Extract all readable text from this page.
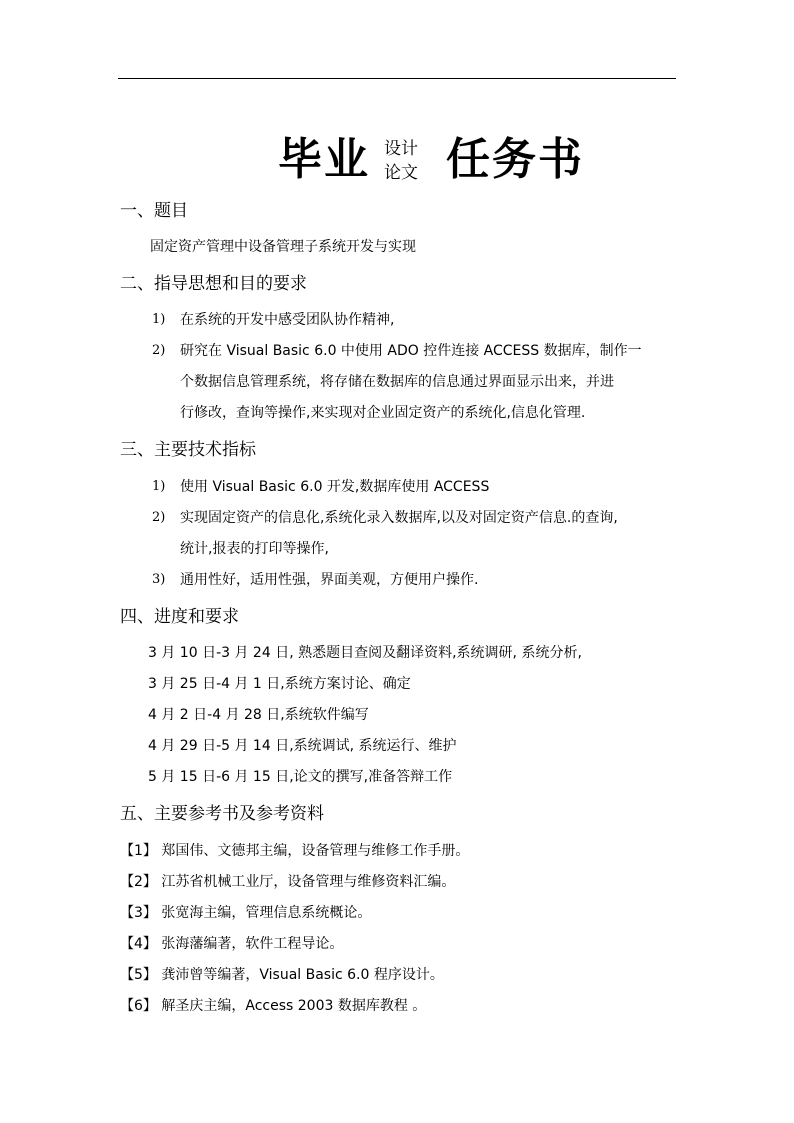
毕业 设计
论文 任务书
一、题目
固定资产管理中设备管理子系统开发与实现
二、指导思想和目的要求
1) 在系统的开发中感受团队协作精神,
2) 研究在 Visual Basic 6.0 中使用 ADO 控件连接 ACCESS 数据库，制作一
个数据信息管理系统，将存储在数据库的信息通过界面显示出来，并进
行修改，查询等操作,来实现对企业固定资产的系统化,信息化管理.
三、主要技术指标
1) 使用 Visual Basic 6.0 开发,数据库使用 ACCESS
2) 实现固定资产的信息化,系统化录入数据库,以及对固定资产信息.的查询,
统计,报表的打印等操作,
3) 通用性好，适用性强，界面美观，方便用户操作.
四、进度和要求
3 月 10 日-3 月 24 日, 熟悉题目查阅及翻译资料,系统调研, 系统分析,
3 月 25 日-4 月 1 日,系统方案讨论、确定
4 月 2 日-4 月 28 日,系统软件编写
4 月 29 日-5 月 14 日,系统调试, 系统运行、维护
5 月 15 日-6 月 15 日,论文的撰写,准备答辩工作
五、主要参考书及参考资料
【1】 郑国伟、文德邦主编，设备管理与维修工作手册。
【2】 江苏省机械工业厅，设备管理与维修资料汇编。
【3】 张宽海主编，管理信息系统概论。
【4】 张海藩编著，软件工程导论。
【5】 龚沛曾等编著，Visual Basic 6.0 程序设计。
【6】 解圣庆主编，Access 2003 数据库教程 。
